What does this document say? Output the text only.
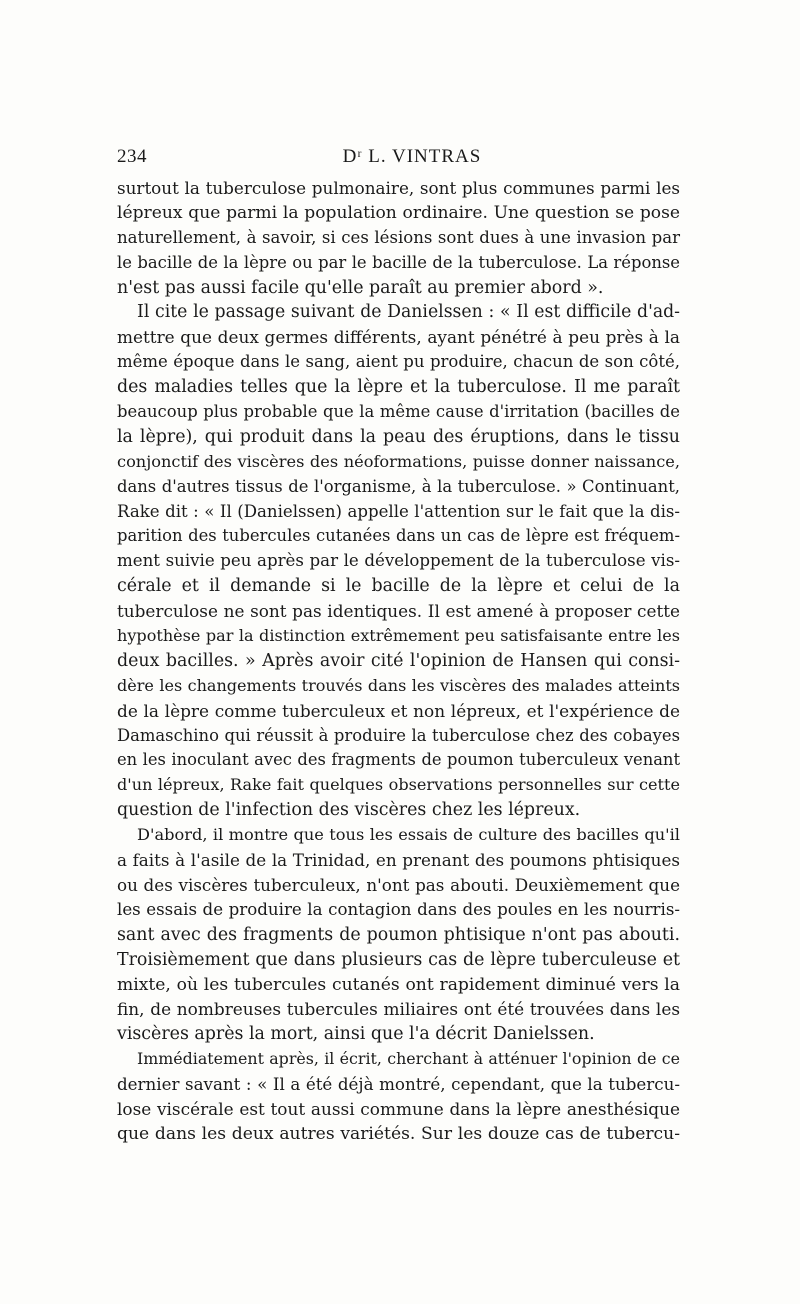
234	Dʳ L. VINTRAS
surtout la tuberculose pulmonaire, sont plus communes parmi les
lépreux que parmi la population ordinaire. Une question se pose
naturellement, à savoir, si ces lésions sont dues à une invasion par
le bacille de la lèpre ou par le bacille de la tuberculose. La réponse
n'est pas aussi facile qu'elle paraît au premier abord ».
Il cite le passage suivant de Danielssen : « Il est difficile d'ad-
mettre que deux germes différents, ayant pénétré à peu près à la
même époque dans le sang, aient pu produire, chacun de son côté,
des maladies telles que la lèpre et la tuberculose. Il me paraît
beaucoup plus probable que la même cause d'irritation (bacilles de
la lèpre), qui produit dans la peau des éruptions, dans le tissu
conjonctif des viscères des néoformations, puisse donner naissance,
dans d'autres tissus de l'organisme, à la tuberculose. » Continuant,
Rake dit : « Il (Danielssen) appelle l'attention sur le fait que la dis-
parition des tubercules cutanées dans un cas de lèpre est fréquem-
ment suivie peu après par le développement de la tuberculose vis-
cérale et il demande si le bacille de la lèpre et celui de la
tuberculose ne sont pas identiques. Il est amené à proposer cette
hypothèse par la distinction extrêmement peu satisfaisante entre les
deux bacilles. » Après avoir cité l'opinion de Hansen qui consi-
dère les changements trouvés dans les viscères des malades atteints
de la lèpre comme tuberculeux et non lépreux, et l'expérience de
Damaschino qui réussit à produire la tuberculose chez des cobayes
en les inoculant avec des fragments de poumon tuberculeux venant
d'un lépreux, Rake fait quelques observations personnelles sur cette
question de l'infection des viscères chez les lépreux.
D'abord, il montre que tous les essais de culture des bacilles qu'il
a faits à l'asile de la Trinidad, en prenant des poumons phtisiques
ou des viscères tuberculeux, n'ont pas abouti. Deuxièmement que
les essais de produire la contagion dans des poules en les nourris-
sant avec des fragments de poumon phtisique n'ont pas abouti.
Troisièmement que dans plusieurs cas de lèpre tuberculeuse et
mixte, où les tubercules cutanés ont rapidement diminué vers la
fin, de nombreuses tubercules miliaires ont été trouvées dans les
viscères après la mort, ainsi que l'a décrit Danielssen.
Immédiatement après, il écrit, cherchant à atténuer l'opinion de ce
dernier savant : « Il a été déjà montré, cependant, que la tubercu-
lose viscérale est tout aussi commune dans la lèpre anesthésique
que dans les deux autres variétés. Sur les douze cas de tubercu-
